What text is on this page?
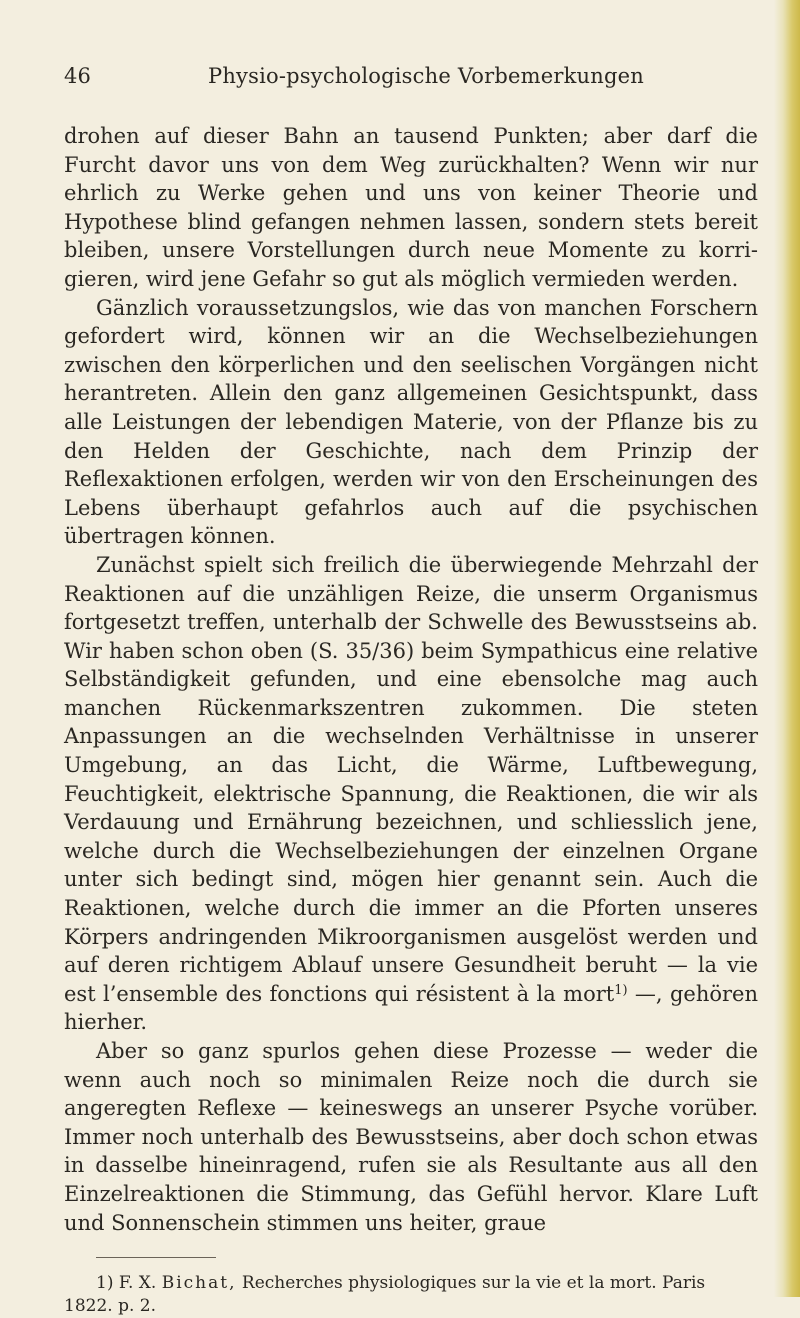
46	Physio-psychologische Vorbemerkungen

drohen auf dieser Bahn an tausend Punkten; aber darf die Furcht davor uns von dem Weg zurückhalten? Wenn wir nur ehrlich zu Werke gehen und uns von keiner Theorie und Hypothese blind gefangen nehmen lassen, sondern stets bereit bleiben, unsere Vorstellungen durch neue Momente zu korrigieren, wird jene Gefahr so gut als möglich vermieden werden.

Gänzlich voraussetzungslos, wie das von manchen Forschern gefordert wird, können wir an die Wechselbeziehungen zwischen den körperlichen und den seelischen Vorgängen nicht herantreten. Allein den ganz allgemeinen Gesichtspunkt, dass alle Leistungen der lebendigen Materie, von der Pflanze bis zu den Helden der Geschichte, nach dem Prinzip der Reflexaktionen erfolgen, werden wir von den Erscheinungen des Lebens überhaupt gefahrlos auch auf die psychischen übertragen können.

Zunächst spielt sich freilich die überwiegende Mehrzahl der Reaktionen auf die unzähligen Reize, die unserm Organismus fortgesetzt treffen, unterhalb der Schwelle des Bewusstseins ab. Wir haben schon oben (S. 35/36) beim Sympathicus eine relative Selbständigkeit gefunden, und eine ebensolche mag auch manchen Rückenmarkszentren zukommen. Die steten Anpassungen an die wechselnden Verhältnisse in unserer Umgebung, an das Licht, die Wärme, Luftbewegung, Feuchtigkeit, elektrische Spannung, die Reaktionen, die wir als Verdauung und Ernährung bezeichnen, und schliesslich jene, welche durch die Wechselbeziehungen der einzelnen Organe unter sich bedingt sind, mögen hier genannt sein. Auch die Reaktionen, welche durch die immer an die Pforten unseres Körpers andringenden Mikroorganismen ausgelöst werden und auf deren richtigem Ablauf unsere Gesundheit beruht — la vie est l’ensemble des fonctions qui résistent à la mort$^{1)}$ —, gehören hierher.

Aber so ganz spurlos gehen diese Prozesse — weder die wenn auch noch so minimalen Reize noch die durch sie angeregten Reflexe — keineswegs an unserer Psyche vorüber. Immer noch unterhalb des Bewusstseins, aber doch schon etwas in dasselbe hineinragend, rufen sie als Resultante aus all den Einzelreaktionen die Stimmung, das Gefühl hervor. Klare Luft und Sonnenschein stimmen uns heiter, graue

1) F. X. Bichat, Recherches physiologiques sur la vie et la mort. Paris 1822. p. 2.
